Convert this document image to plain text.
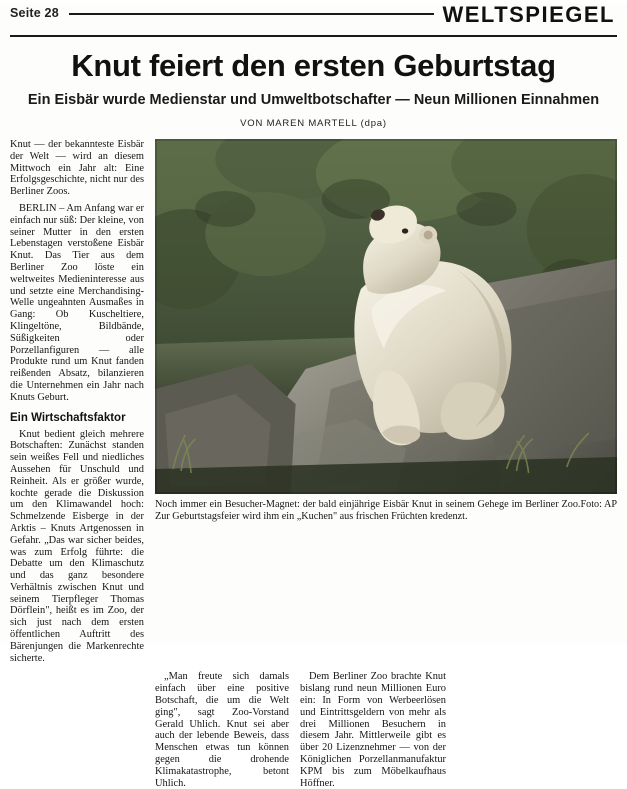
Seite 28	WELTSPIEGEL
Knut feiert den ersten Geburtstag
Ein Eisbär wurde Medienstar und Umweltbotschafter — Neun Millionen Einnahmen
VON MAREN MARTELL (dpa)

Knut — der bekannteste Eisbär der Welt — wird an diesem Mittwoch ein Jahr alt: Eine Erfolgsgeschichte, nicht nur des Berliner Zoos.

BERLIN – Am Anfang war er einfach nur süß: Der kleine, von seiner Mutter in den ersten Lebenstagen verstoßene Eisbär Knut. Das Tier aus dem Berliner Zoo löste ein weltweites Medieninteresse aus und setzte eine Merchandising-Welle ungeahnten Ausmaßes in Gang: Ob Kuscheltiere, Klingeltöne, Bildbände, Süßigkeiten oder Porzellanfiguren — alle Produkte rund um Knut fanden reißenden Absatz, bilanzieren die Unternehmen ein Jahr nach Knuts Geburt.

Ein Wirtschaftsfaktor

Knut bedient gleich mehrere Botschaften: Zunächst standen sein weißes Fell und niedliches Aussehen für Unschuld und Reinheit. Als er größer wurde, kochte gerade die Diskussion um den Klimawandel hoch: Schmelzende Eisberge in der Arktis – Knuts Artgenossen in Gefahr. „Das war sicher beides, was zum Erfolg führte: die Debatte um den Klimaschutz und das ganz besondere Verhältnis zwischen Knut und seinem Tierpfleger Thomas Dörflein", heißt es im Zoo, der sich just nach dem ersten öffentlichen Auftritt des Bärenjungen die Markenrechte sicherte.

Foto: AP
Noch immer ein Besucher-Magnet: der bald einjährige Eisbär Knut in seinem Gehege im Berliner Zoo. Zur Geburtstagsfeier wird ihm ein „Kuchen" aus frischen Früchten kredenzt.

„Man freute sich damals einfach über eine positive Botschaft, die um die Welt ging", sagt Zoo-Vorstand Gerald Uhlich. Knut sei aber auch der lebende Beweis, dass Menschen etwas tun können gegen die drohende Klimakatastrophe, betont Uhlich.

Dem Berliner Zoo brachte Knut bislang rund neun Millionen Euro ein: In Form von Werbeerlösen und Eintrittsgeldern von mehr als drei Millionen Besuchern in diesem Jahr. Mittlerweile gibt es über 20 Lizenznehmer — von der Königlichen Porzellanmanufaktur KPM bis zum Möbelkaufhaus Höffner.
